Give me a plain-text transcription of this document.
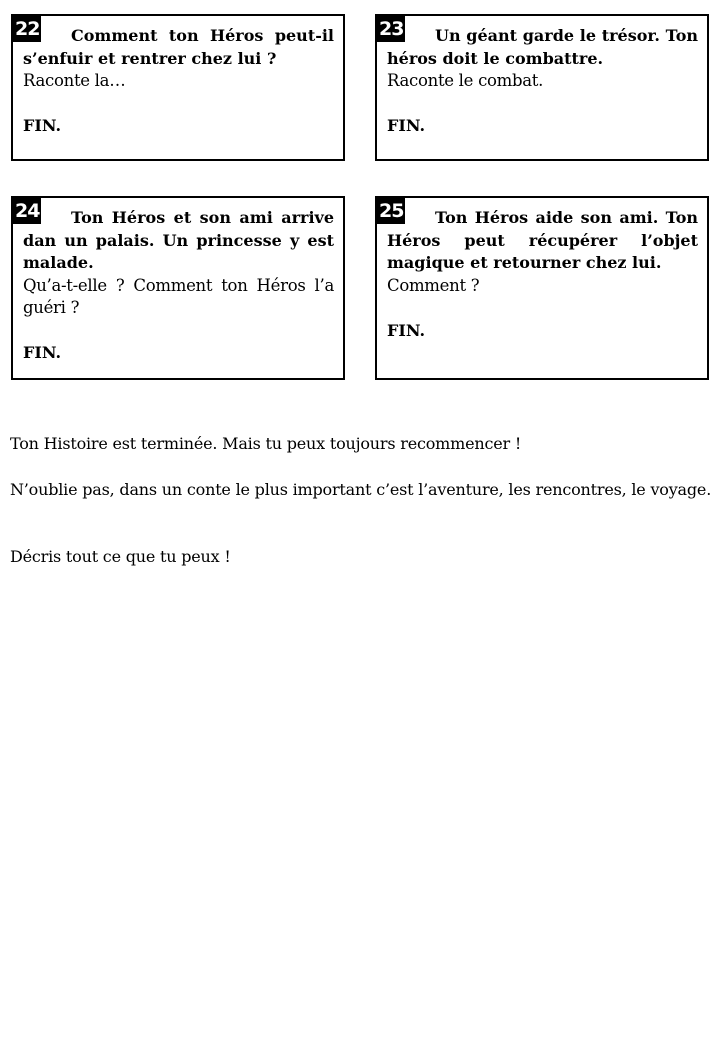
22	Comment ton Héros peut-il s’enfuir et rentrer chez lui ?

Raconte la…

FIN.

23	Un géant garde le trésor. Ton héros doit le combattre.

Raconte le combat.

FIN.

24	Ton Héros et son ami arrive dan un palais. Un princesse y est malade.

Qu’a-t-elle ? Comment ton Héros l’a guéri ?

FIN.

25	Ton Héros aide son ami. Ton Héros peut récupérer l’objet magique et retourner chez lui.

Comment ?

FIN.

Ton Histoire est terminée. Mais tu peux toujours recommencer !

N’oublie pas, dans un conte le plus important c’est l’aventure, les rencontres, le voyage.

Décris tout ce que tu peux !
